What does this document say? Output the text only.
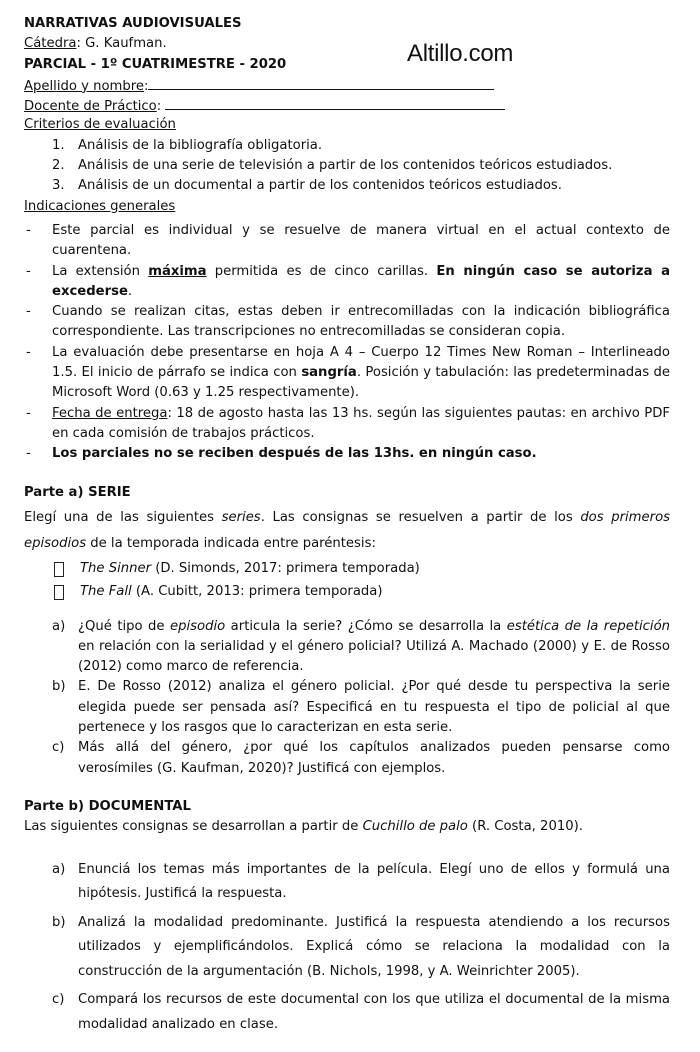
Altillo.com
NARRATIVAS AUDIOVISUALES
Cátedra: G. Kaufman.
PARCIAL - 1º CUATRIMESTRE - 2020
Apellido y nombre:
Docente de Práctico:
Criterios de evaluación
1. Análisis de la bibliografía obligatoria.
2. Análisis de una serie de televisión a partir de los contenidos teóricos estudiados.
3. Análisis de un documental a partir de los contenidos teóricos estudiados.
Indicaciones generales
- Este parcial es individual y se resuelve de manera virtual en el actual contexto de cuarentena.
- La extensión máxima permitida es de cinco carillas. En ningún caso se autoriza a excederse.
- Cuando se realizan citas, estas deben ir entrecomilladas con la indicación bibliográfica correspondiente. Las transcripciones no entrecomilladas se consideran copia.
- La evaluación debe presentarse en hoja A 4 – Cuerpo 12 Times New Roman – Interlineado 1.5. El inicio de párrafo se indica con sangría. Posición y tabulación: las predeterminadas de Microsoft Word (0.63 y 1.25 respectivamente).
- Fecha de entrega: 18 de agosto hasta las 13 hs. según las siguientes pautas: en archivo PDF en cada comisión de trabajos prácticos.
- Los parciales no se reciben después de las 13hs. en ningún caso.
Parte a) SERIE
Elegí una de las siguientes series. Las consignas se resuelven a partir de los dos primeros episodios de la temporada indicada entre paréntesis:
The Sinner (D. Simonds, 2017: primera temporada)
The Fall (A. Cubitt, 2013: primera temporada)
a) ¿Qué tipo de episodio articula la serie? ¿Cómo se desarrolla la estética de la repetición en relación con la serialidad y el género policial? Utilizá A. Machado (2000) y E. de Rosso (2012) como marco de referencia.
b) E. De Rosso (2012) analiza el género policial. ¿Por qué desde tu perspectiva la serie elegida puede ser pensada así? Especificá en tu respuesta el tipo de policial al que pertenece y los rasgos que lo caracterizan en esta serie.
c) Más allá del género, ¿por qué los capítulos analizados pueden pensarse como verosímiles (G. Kaufman, 2020)? Justificá con ejemplos.
Parte b) DOCUMENTAL
Las siguientes consignas se desarrollan a partir de Cuchillo de palo (R. Costa, 2010).
a) Enunciá los temas más importantes de la película. Elegí uno de ellos y formulá una hipótesis. Justificá la respuesta.
b) Analizá la modalidad predominante. Justificá la respuesta atendiendo a los recursos utilizados y ejemplificándolos. Explicá cómo se relaciona la modalidad con la construcción de la argumentación (B. Nichols, 1998, y A. Weinrichter 2005).
c) Compará los recursos de este documental con los que utiliza el documental de la misma modalidad analizado en clase.
